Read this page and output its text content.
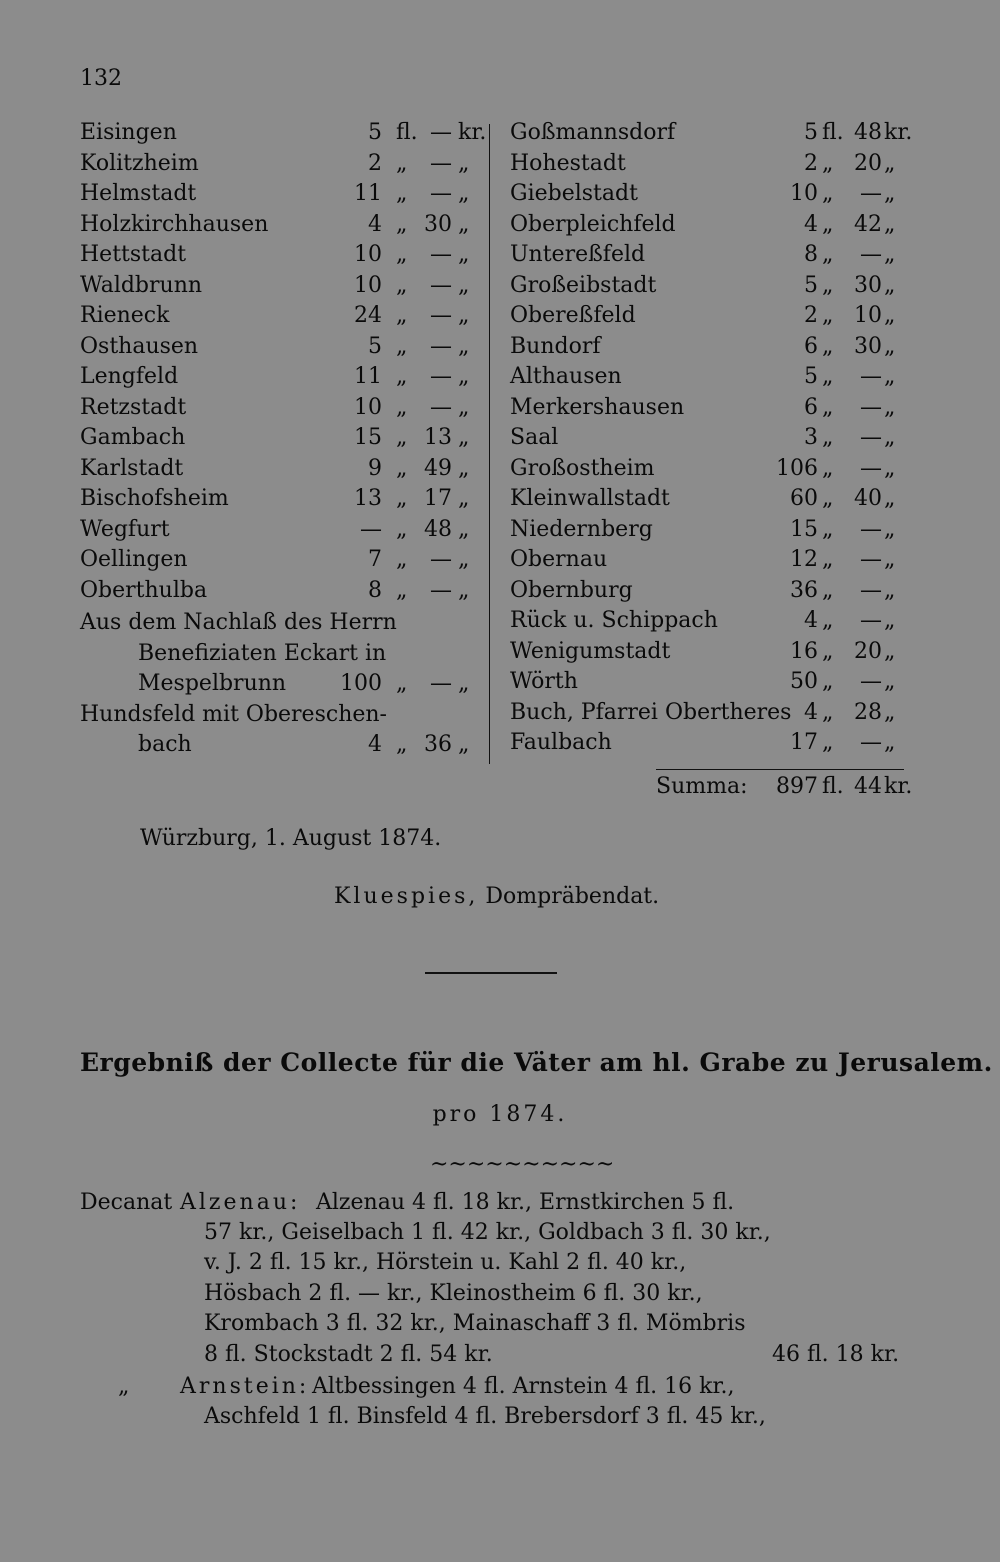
132
Eisingen	5 fl. — kr.
Kolitzheim	2 „ — „
Helmstadt	11 „ — „
Holzkirchhausen	4 „ 30 „
Hettstadt	10 „ — „
Waldbrunn	10 „ — „
Rieneck	24 „ — „
Osthausen	5 „ — „
Lengfeld	11 „ — „
Retzstadt	10 „ — „
Gambach	15 „ 13 „
Karlstadt	9 „ 49 „
Bischofsheim	13 „ 17 „
Wegfurt	— „ 48 „
Oellingen	7 „ — „
Oberthulba	8 „ — „
Goßmannsdorf	5 fl. 48 kr.
Hohestadt	2 „ 20 „
Giebelstadt	10 „ — „
Oberpleichfeld	4 „ 42 „
Untereßfeld	8 „ — „
Großeibstadt	5 „ 30 „
Obereßfeld	2 „ 10 „
Bundorf	6 „ 30 „
Althausen	5 „ — „
Merkershausen	6 „ — „
Saal	3 „ — „
Großostheim	106 „ — „
Kleinwallstadt	60 „ 40 „
Niedernberg	15 „ — „
Obernau	12 „ — „
Obernburg	36 „ — „
Rück u. Schippach	4 „ — „
Wenigumstadt	16 „ 20 „
Wörth	50 „ — „
Buch, Pfarrei Obertheres 4 „ 28 „
Faulbach	17 „ — „
Aus dem Nachlaß des Herrn
Benefiziaten Eckart in
Mespelbrunn 100 „ — „
Hundsfeld mit Obereschen-
bach	4 „ 36 „
Summa: 897 fl. 44 kr.
Würzburg, 1. August 1874.
Kluespies, Dompräbendat.
Ergebniß der Collecte für die Väter am hl. Grabe zu Jerusalem.
pro 1874.
~~~~~~~~~~
Decanat Alzenau: Alzenau 4 fl. 18 kr., Ernstkirchen 5 fl.
57 kr., Geiselbach 1 fl. 42 kr., Goldbach 3 fl. 30 kr.,
v. J. 2 fl. 15 kr., Hörstein u. Kahl 2 fl. 40 kr.,
Hösbach 2 fl. — kr., Kleinostheim 6 fl. 30 kr.,
Krombach 3 fl. 32 kr., Mainaschaff 3 fl. Mömbris
8 fl. Stockstadt 2 fl. 54 kr.	46 fl. 18 kr.
„ Arnstein: Altbessingen 4 fl. Arnstein 4 fl. 16 kr.,
Aschfeld 1 fl. Binsfeld 4 fl. Brebersdorf 3 fl. 45 kr.,
